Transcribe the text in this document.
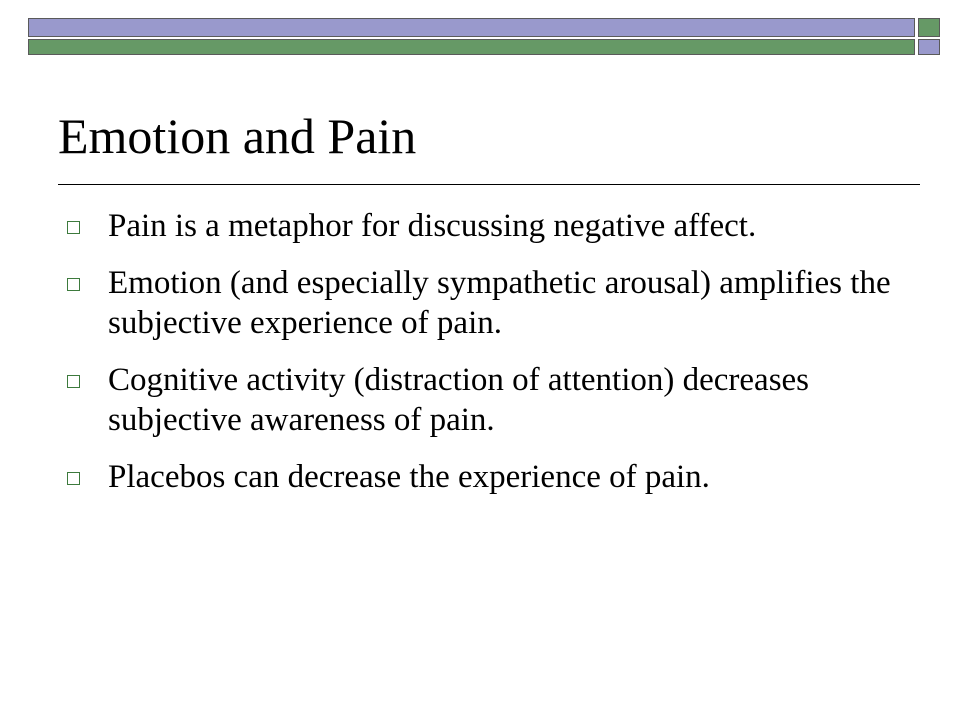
Emotion and Pain
Pain is a metaphor for discussing negative affect.
Emotion (and especially sympathetic arousal) amplifies the subjective experience of pain.
Cognitive activity (distraction of attention) decreases subjective awareness of pain.
Placebos can decrease the experience of pain.
